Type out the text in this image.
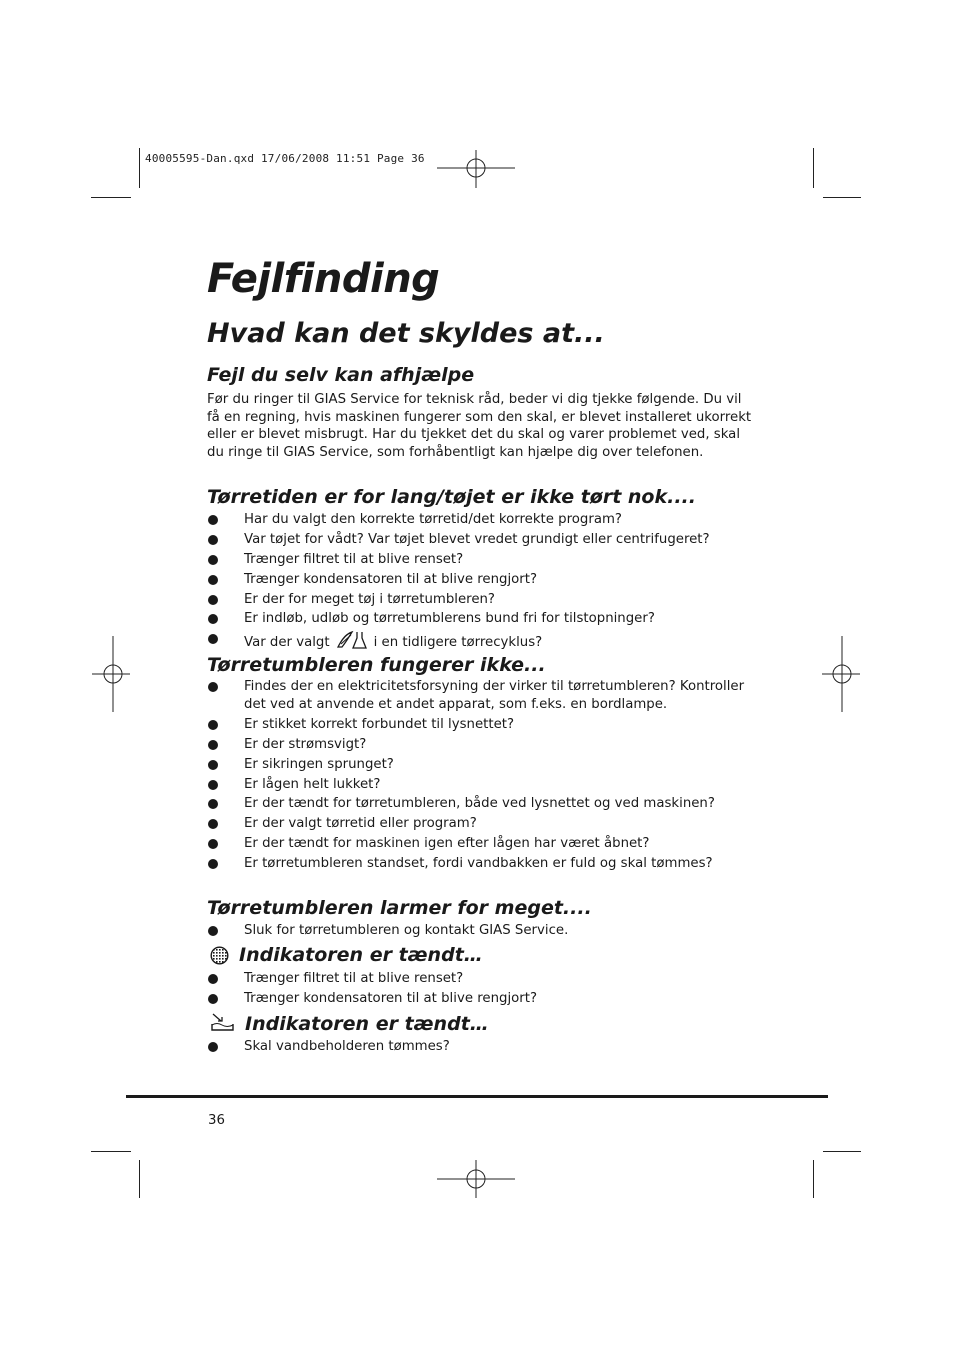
40005595-Dan.qxd 17/06/2008 11:51 Page 36
Fejlfinding
Hvad kan det skyldes at...
Fejl du selv kan afhjælpe

Før du ringer til GIAS Service for teknisk råd, beder vi dig tjekke følgende. Du vil få en regning, hvis maskinen fungerer som den skal, er blevet installeret ukorrekt eller er blevet misbrugt. Har du tjekket det du skal og varer problemet ved, skal du ringe til GIAS Service, som forhåbentligt kan hjælpe dig over telefonen.

Tørretiden er for lang/tøjet er ikke tørt nok....
Har du valgt den korrekte tørretid/det korrekte program?
Var tøjet for vådt? Var tøjet blevet vredet grundigt eller centrifugeret?
Trænger filtret til at blive renset?
Trænger kondensatoren til at blive rengjort?
Er der for meget tøj i tørretumbleren?
Er indløb, udløb og tørretumblerens bund fri for tilstopninger?
Var der valgt	i en tidligere tørrecyklus?
Tørretumbleren fungerer ikke...
Findes der en elektricitetsforsyning der virker til tørretumbleren? Kontroller det ved at anvende et andet apparat, som f.eks. en bordlampe.
Er stikket korrekt forbundet til lysnettet?
Er der strømsvigt?
Er sikringen sprunget?
Er lågen helt lukket?
Er der tændt for tørretumbleren, både ved lysnettet og ved maskinen?
Er der valgt tørretid eller program?
Er der tændt for maskinen igen efter lågen har været åbnet?
Er tørretumbleren standset, fordi vandbakken er fuld og skal tømmes?
Tørretumbleren larmer for meget....
Sluk for tørretumbleren og kontakt GIAS Service.
Indikatoren er tændt…
Trænger filtret til at blive renset?
Trænger kondensatoren til at blive rengjort?
Indikatoren er tændt…
Skal vandbeholderen tømmes?
36
